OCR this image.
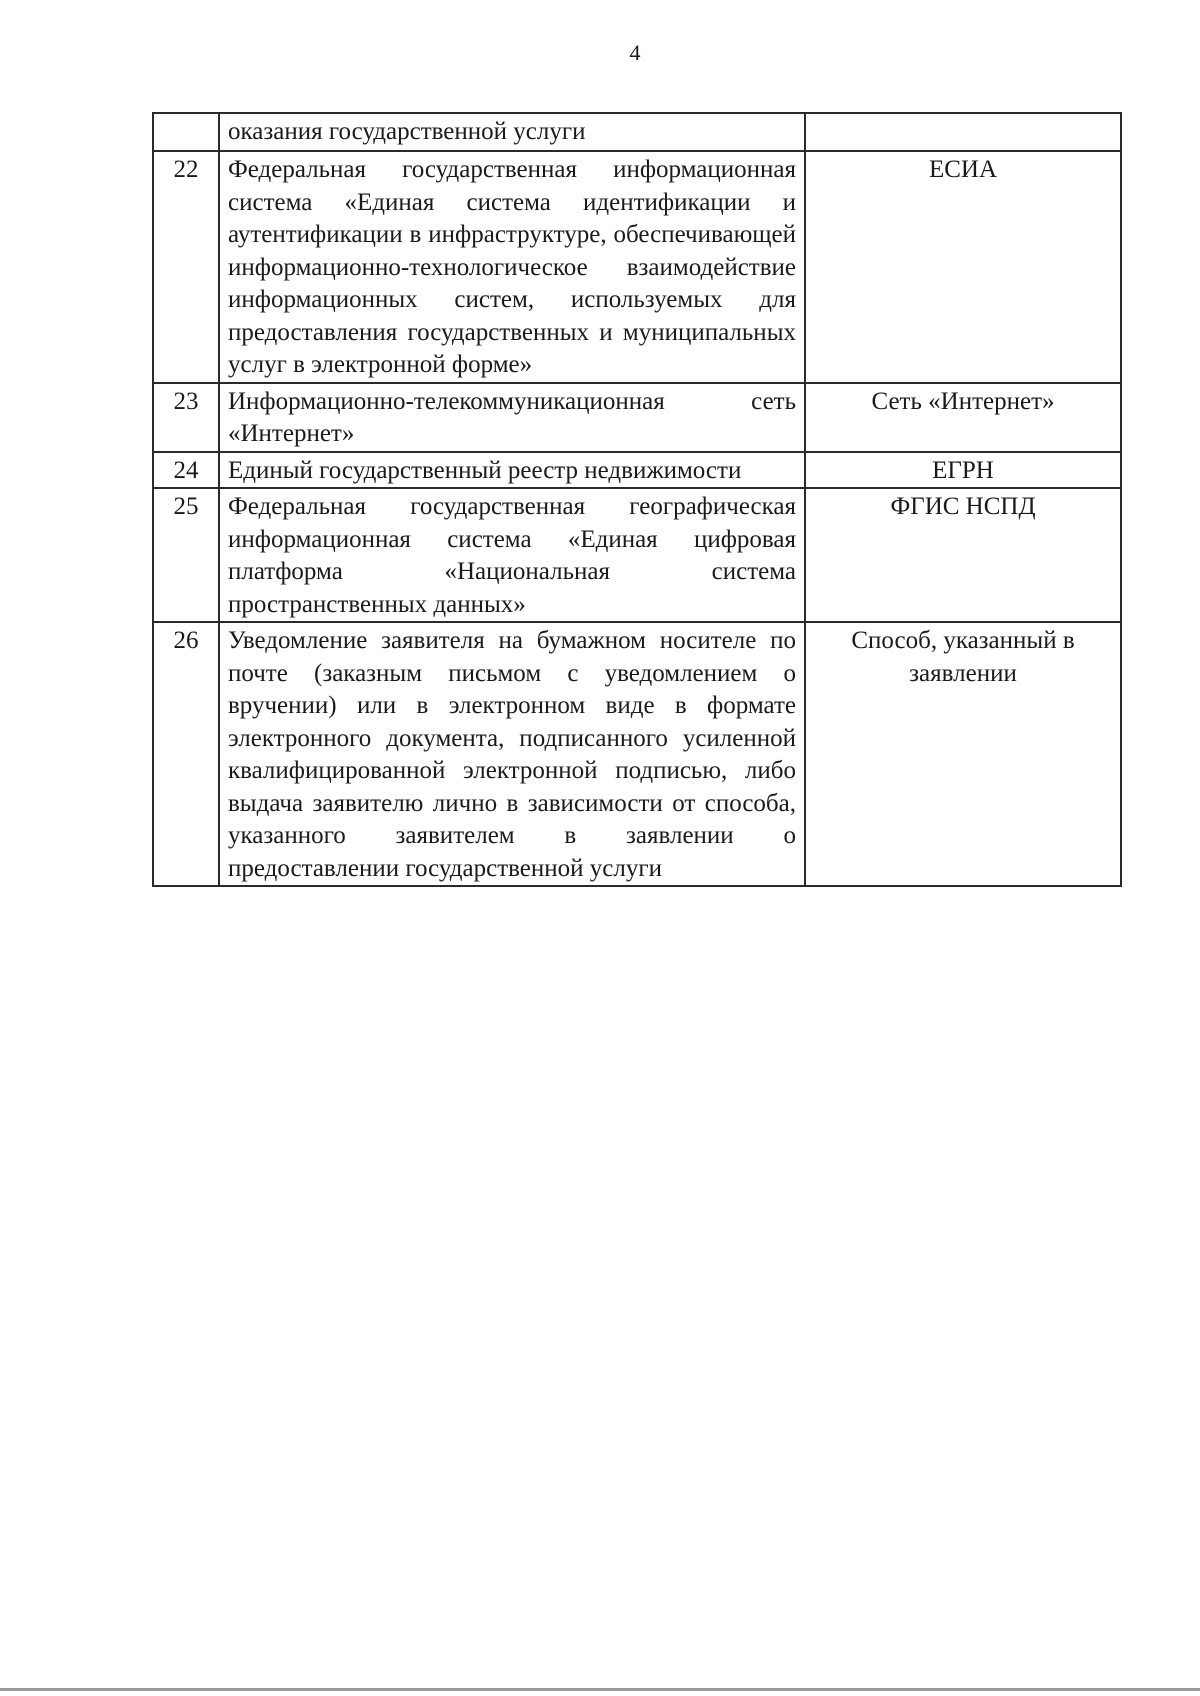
4
	оказания государственной услуги	
22	Федеральная государственная информационная система «Единая система идентификации и аутентификации в инфраструктуре, обеспечивающей информационно-технологическое взаимодействие информационных систем, используемых для предоставления государственных и муниципальных услуг в электронной форме»	ЕСИА
23	Информационно-телекоммуникационная сеть «Интернет»	Сеть «Интернет»
24	Единый государственный реестр недвижимости	ЕГРН
25	Федеральная государственная географическая информационная система «Единая цифровая платформа «Национальная система пространственных данных»	ФГИС НСПД
26	Уведомление заявителя на бумажном носителе по почте (заказным письмом с уведомлением о вручении) или в электронном виде в формате электронного документа, подписанного усиленной квалифицированной электронной подписью, либо выдача заявителю лично в зависимости от способа, указанного заявителем в заявлении о предоставлении государственной услуги	Способ, указанный в заявлении
